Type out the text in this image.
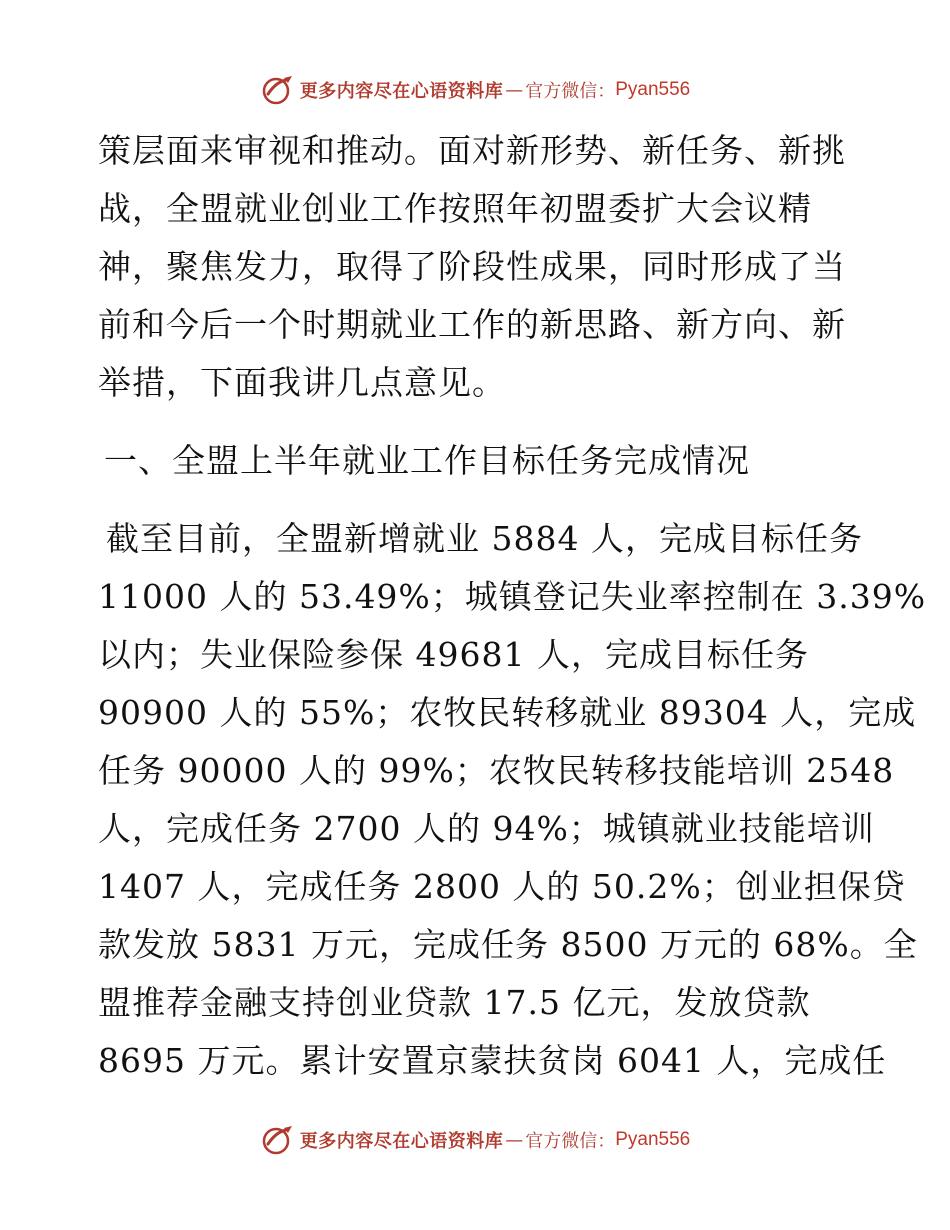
更多内容尽在心语资料库 — 官方微信： Pyan556
策层面来审视和推动。面对新形势、新任务、新挑
战，全盟就业创业工作按照年初盟委扩大会议精
神，聚焦发力，取得了阶段性成果，同时形成了当
前和今后一个时期就业工作的新思路、新方向、新
举措，下面我讲几点意见。
一、全盟上半年就业工作目标任务完成情况
截至目前，全盟新增就业 5884 人，完成目标任务
11000 人的 53.49%；城镇登记失业率控制在 3.39%
以内；失业保险参保 49681 人，完成目标任务
90900 人的 55%；农牧民转移就业 89304 人，完成
任务 90000 人的 99%；农牧民转移技能培训 2548
人，完成任务 2700 人的 94%；城镇就业技能培训
1407 人，完成任务 2800 人的 50.2%；创业担保贷
款发放 5831 万元，完成任务 8500 万元的 68%。全
盟推荐金融支持创业贷款 17.5 亿元，发放贷款
8695 万元。累计安置京蒙扶贫岗 6041 人，完成任
更多内容尽在心语资料库 — 官方微信： Pyan556
